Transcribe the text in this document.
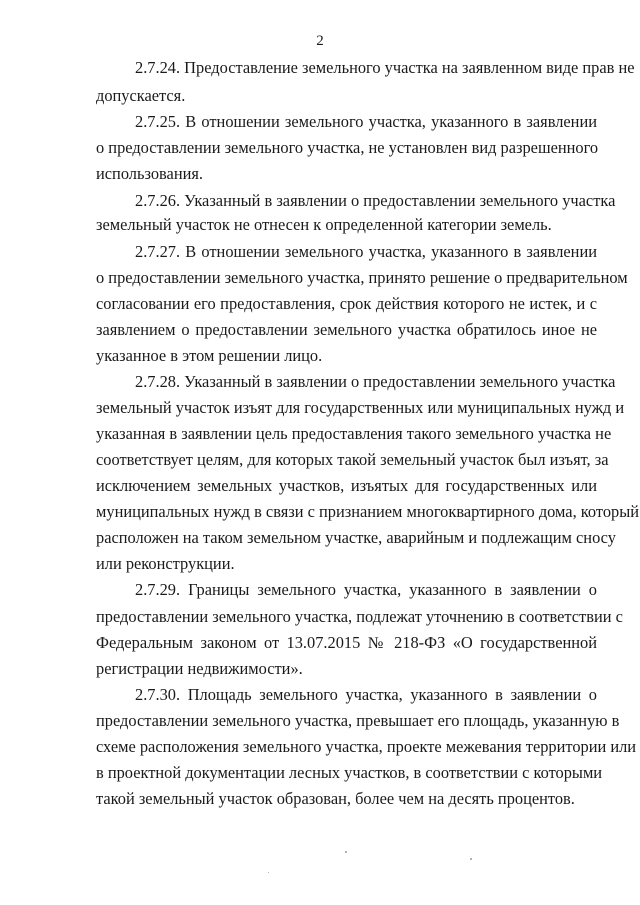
2
2.7.24. Предоставление земельного участка на заявленном виде прав не
допускается.
2.7.25. В отношении земельного участка, указанного в заявлении
о предоставлении земельного участка, не установлен вид разрешенного
использования.
2.7.26. Указанный в заявлении о предоставлении земельного участка
земельный участок не отнесен к определенной категории земель.
2.7.27. В отношении земельного участка, указанного в заявлении
о предоставлении земельного участка, принято решение о предварительном
согласовании его предоставления, срок действия которого не истек, и с
заявлением о предоставлении земельного участка обратилось иное не
указанное в этом решении лицо.
2.7.28. Указанный в заявлении о предоставлении земельного участка
земельный участок изъят для государственных или муниципальных нужд и
указанная в заявлении цель предоставления такого земельного участка не
соответствует целям, для которых такой земельный участок был изъят, за
исключением земельных участков, изъятых для государственных или
муниципальных нужд в связи с признанием многоквартирного дома, который
расположен на таком земельном участке, аварийным и подлежащим сносу
или реконструкции.
2.7.29. Границы земельного участка, указанного в заявлении о
предоставлении земельного участка, подлежат уточнению в соответствии с
Федеральным законом от 13.07.2015 № 218-ФЗ «О государственной
регистрации недвижимости».
2.7.30. Площадь земельного участка, указанного в заявлении о
предоставлении земельного участка, превышает его площадь, указанную в
схеме расположения земельного участка, проекте межевания территории или
в проектной документации лесных участков, в соответствии с которыми
такой земельный участок образован, более чем на десять процентов.
